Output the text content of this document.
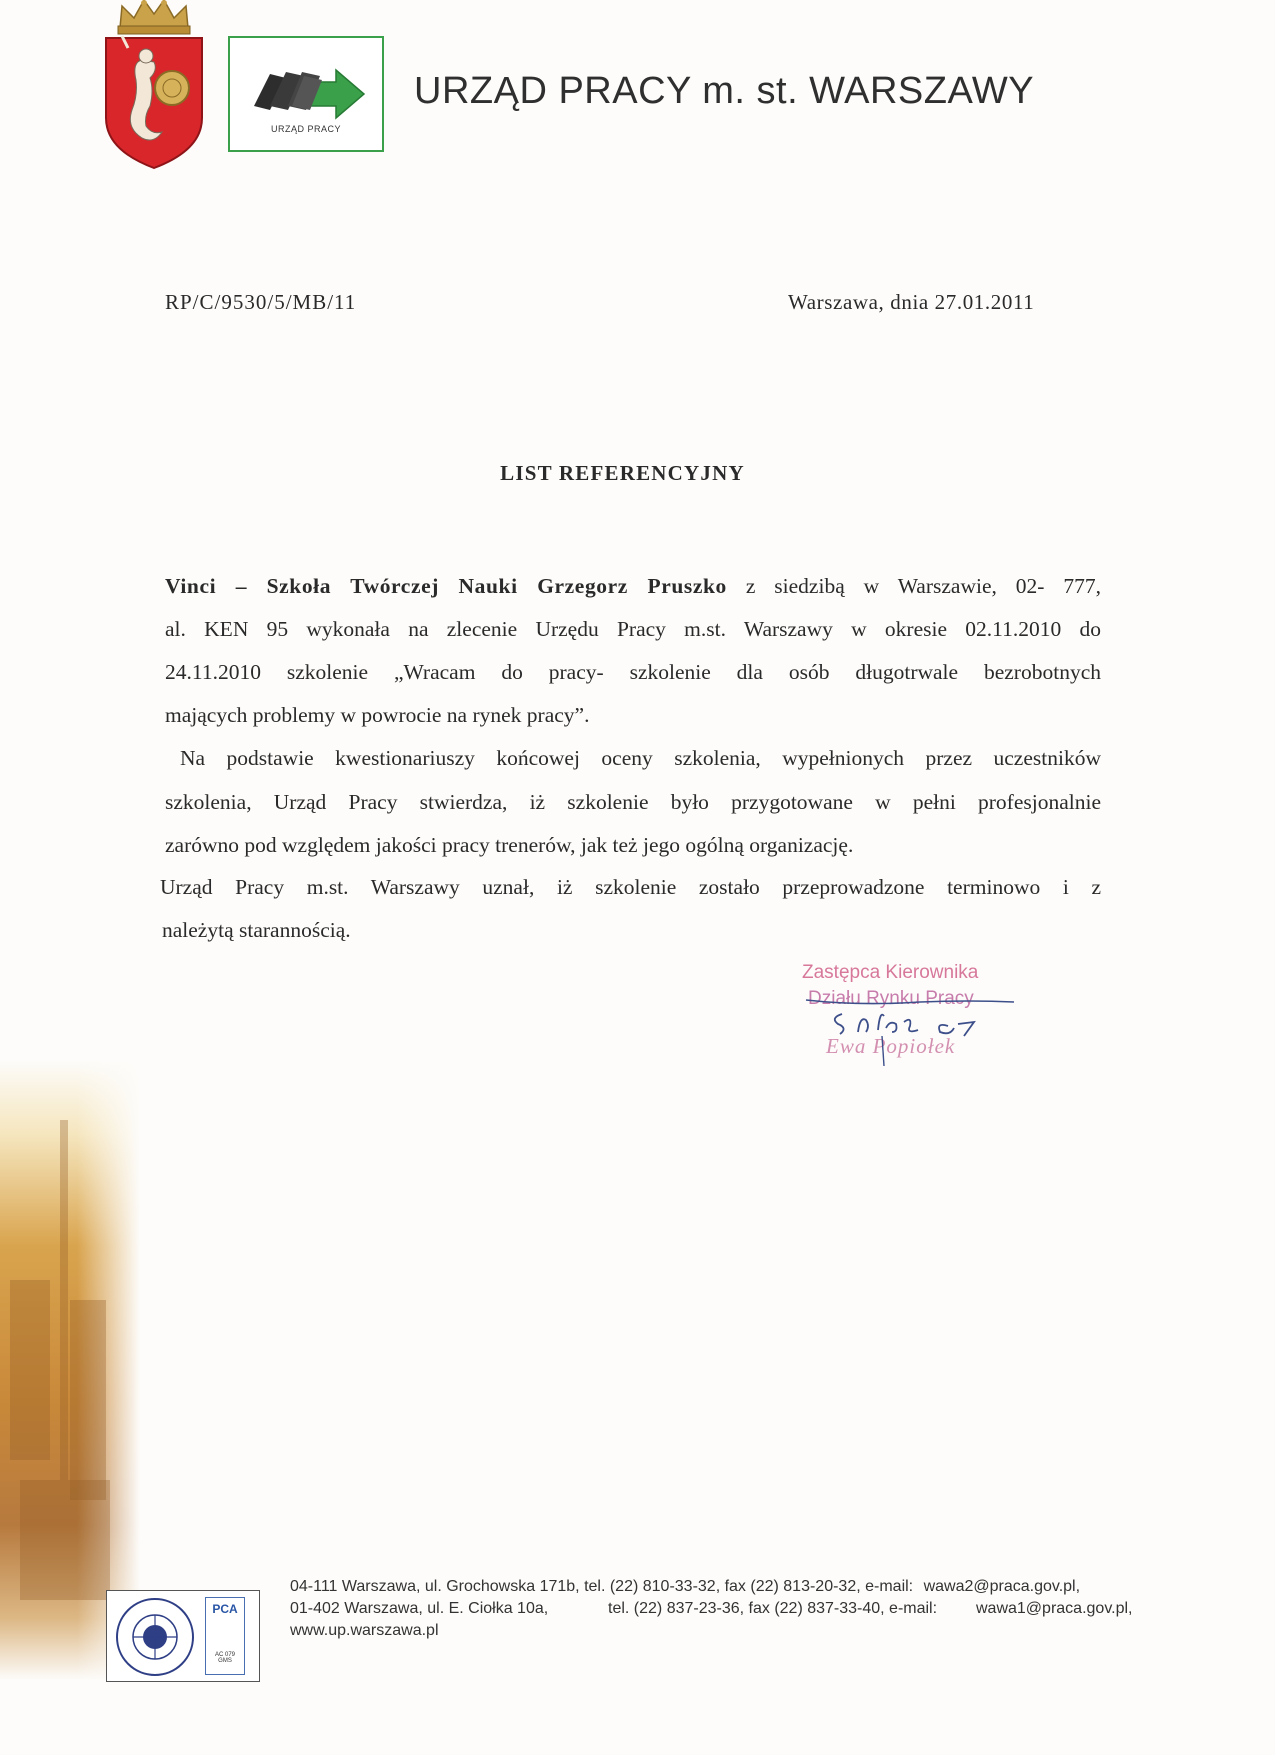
URZĄD PRACY
URZĄD PRACY m. st. WARSZAWY
RP/C/9530/5/MB/11	Warszawa, dnia 27.01.2011
LIST REFERENCYJNY
Vinci – Szkoła Twórczej Nauki Grzegorz Pruszko z siedzibą w Warszawie, 02- 777,
al. KEN 95 wykonała na zlecenie Urzędu Pracy m.st. Warszawy w okresie 02.11.2010 do
24.11.2010 szkolenie „Wracam do pracy- szkolenie dla osób długotrwale bezrobotnych
mających problemy w powrocie na rynek pracy”.
Na podstawie kwestionariuszy końcowej oceny szkolenia, wypełnionych przez uczestników
szkolenia, Urząd Pracy stwierdza, iż szkolenie było przygotowane w pełni profesjonalnie
zarówno pod względem jakości pracy trenerów, jak też jego ogólną organizację.
Urząd Pracy m.st. Warszawy uznał, iż szkolenie zostało przeprowadzone terminowo i z
należytą starannością.
Zastępca Kierownika
Działu Rynku Pracy
Ewa Popiołek
PCA
AC 079
GMS
04-111 Warszawa, ul. Grochowska 171b, tel. (22) 810-33-32, fax (22) 813-20-32, e-mail: wawa2@praca.gov.pl,
01-402 Warszawa, ul. E. Ciołka 10a,	tel. (22) 837-23-36, fax (22) 837-33-40, e-mail: wawa1@praca.gov.pl,
www.up.warszawa.pl
